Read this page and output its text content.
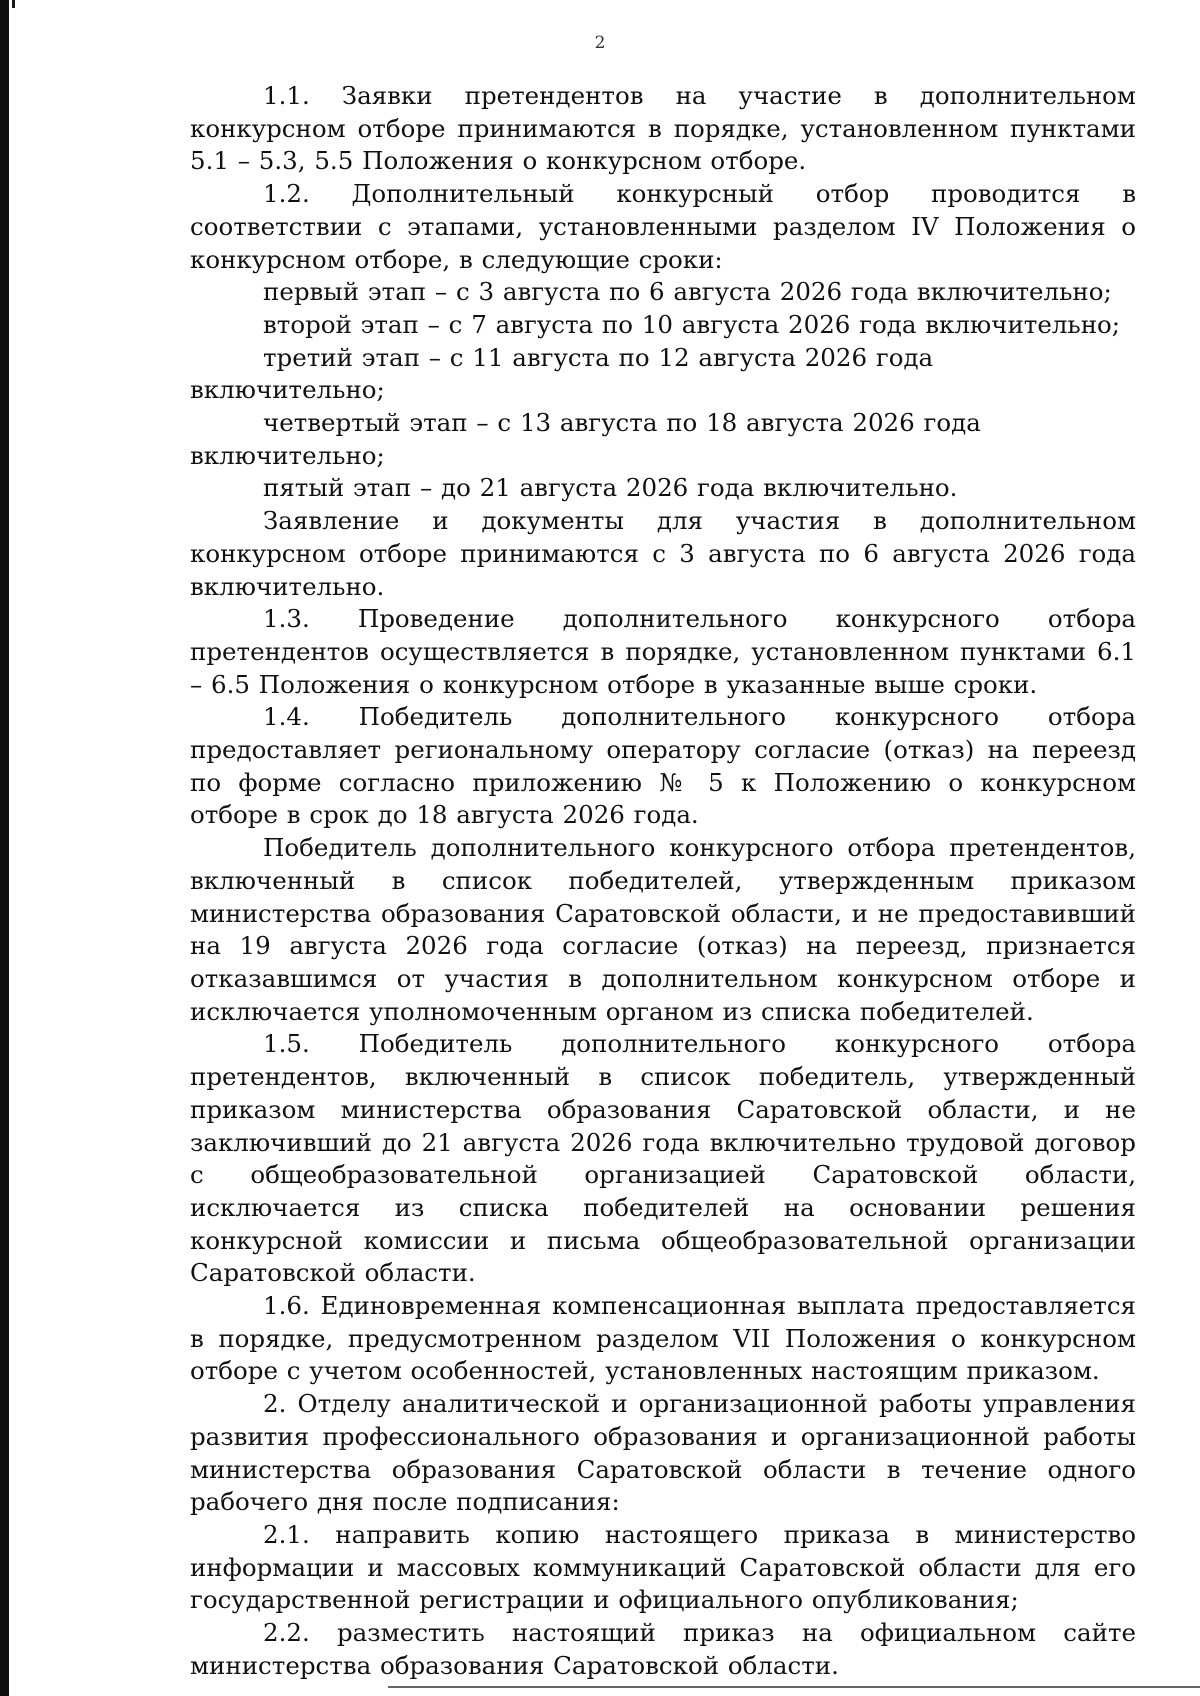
2

1.1. Заявки претендентов на участие в дополнительном конкурсном отборе принимаются в порядке, установленном пунктами 5.1 – 5.3, 5.5 Положения о конкурсном отборе.

1.2. Дополнительный конкурсный отбор проводится в соответствии с этапами, установленными разделом IV Положения о конкурсном отборе, в следующие сроки:

первый этап – с 3 августа по 6 августа 2026 года включительно;

второй этап – с 7 августа по 10 августа 2026 года включительно;

третий этап – с 11 августа по 12 августа 2026 года включительно;

четвертый этап – с 13 августа по 18 августа 2026 года включительно;

пятый этап – до 21 августа 2026 года включительно.

Заявление и документы для участия в дополнительном конкурсном отборе принимаются с 3 августа по 6 августа 2026 года включительно.

1.3. Проведение дополнительного конкурсного отбора претендентов осуществляется в порядке, установленном пунктами 6.1 – 6.5 Положения о конкурсном отборе в указанные выше сроки.

1.4. Победитель дополнительного конкурсного отбора предоставляет региональному оператору согласие (отказ) на переезд по форме согласно приложению № 5 к Положению о конкурсном отборе в срок до 18 августа 2026 года.

Победитель дополнительного конкурсного отбора претендентов, включенный в список победителей, утвержденным приказом министерства образования Саратовской области, и не предоставивший на 19 августа 2026 года согласие (отказ) на переезд, признается отказавшимся от участия в дополнительном конкурсном отборе и исключается уполномоченным органом из списка победителей.

1.5. Победитель дополнительного конкурсного отбора претендентов, включенный в список победитель, утвержденный приказом министерства образования Саратовской области, и не заключивший до 21 августа 2026 года включительно трудовой договор с общеобразовательной организацией Саратовской области, исключается из списка победителей на основании решения конкурсной комиссии и письма общеобразовательной организации Саратовской области.

1.6. Единовременная компенсационная выплата предоставляется в порядке, предусмотренном разделом VII Положения о конкурсном отборе с учетом особенностей, установленных настоящим приказом.

2. Отделу аналитической и организационной работы управления развития профессионального образования и организационной работы министерства образования Саратовской области в течение одного рабочего дня после подписания:

2.1. направить копию настоящего приказа в министерство информации и массовых коммуникаций Саратовской области для его государственной регистрации и официального опубликования;

2.2. разместить настоящий приказ на официальном сайте министерства образования Саратовской области.
